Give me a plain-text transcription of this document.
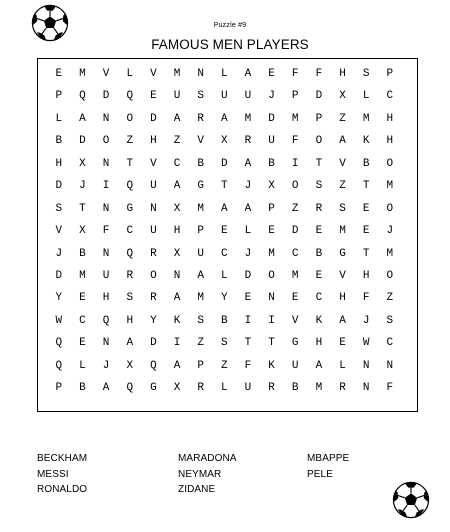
Puzzle #9
FAMOUS MEN PLAYERS
E	M	V	L	V	M	N	L	A	E	F	F	H	S	P
P	Q	D	Q	E	U	S	U	U	J	P	D	X	L	C
L	A	N	O	D	A	R	A	M	D	M	P	Z	M	H
B	D	O	Z	H	Z	V	X	R	U	F	O	A	K	H
H	X	N	T	V	C	B	D	A	B	I	T	V	B	O
D	J	I	Q	U	A	G	T	J	X	O	S	Z	T	M
S	T	N	G	N	X	M	A	A	P	Z	R	S	E	O
V	X	F	C	U	H	P	E	L	E	D	E	M	E	J
J	B	N	Q	R	X	U	C	J	M	C	B	G	T	M
D	M	U	R	O	N	A	L	D	O	M	E	V	H	O
Y	E	H	S	R	A	M	Y	E	N	E	C	H	F	Z
W	C	Q	H	Y	K	S	B	I	I	V	K	A	J	S
Q	E	N	A	D	I	Z	S	T	T	G	H	E	W	C
Q	L	J	X	Q	A	P	Z	F	K	U	A	L	N	N
P	B	A	Q	G	X	R	L	U	R	B	M	R	N	F
BECKHAM
MESSI
RONALDO
MARADONA
NEYMAR
ZIDANE
MBAPPE
PELE
